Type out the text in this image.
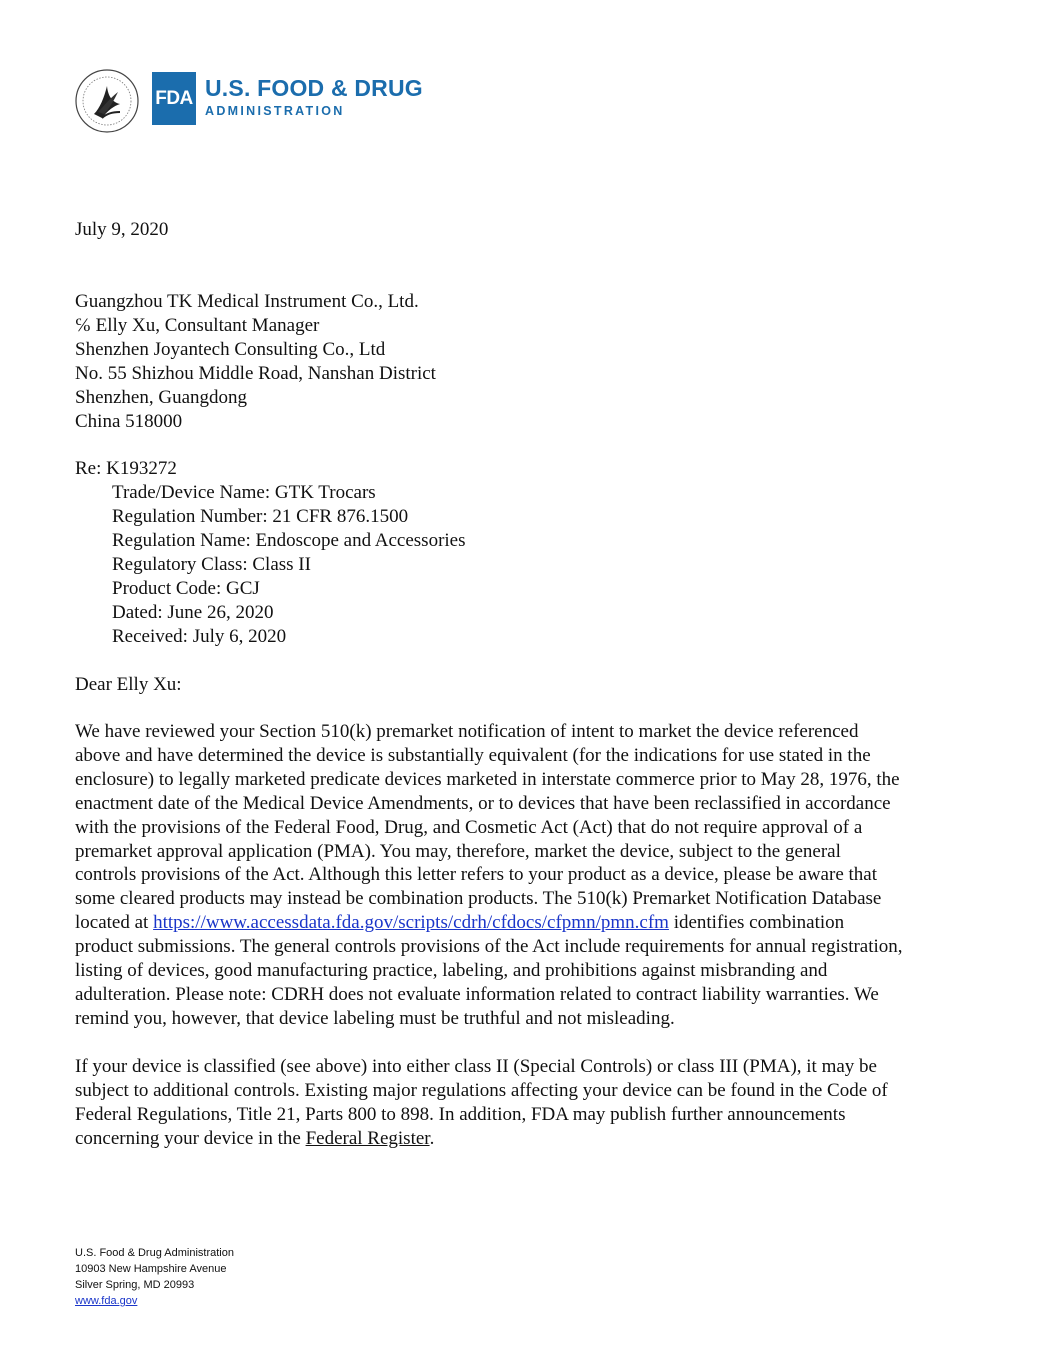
FDA U.S. FOOD & DRUG
ADMINISTRATION
July 9, 2020
Guangzhou TK Medical Instrument Co., Ltd.
℅ Elly Xu, Consultant Manager
Shenzhen Joyantech Consulting Co., Ltd
No. 55 Shizhou Middle Road, Nanshan District
Shenzhen, Guangdong
China 518000
Re: K193272
Trade/Device Name: GTK Trocars
Regulation Number: 21 CFR 876.1500
Regulation Name: Endoscope and Accessories
Regulatory Class: Class II
Product Code: GCJ
Dated: June 26, 2020
Received: July 6, 2020
Dear Elly Xu:
We have reviewed your Section 510(k) premarket notification of intent to market the device referenced
above and have determined the device is substantially equivalent (for the indications for use stated in the
enclosure) to legally marketed predicate devices marketed in interstate commerce prior to May 28, 1976, the
enactment date of the Medical Device Amendments, or to devices that have been reclassified in accordance
with the provisions of the Federal Food, Drug, and Cosmetic Act (Act) that do not require approval of a
premarket approval application (PMA). You may, therefore, market the device, subject to the general
controls provisions of the Act. Although this letter refers to your product as a device, please be aware that
some cleared products may instead be combination products. The 510(k) Premarket Notification Database
located at https://www.accessdata.fda.gov/scripts/cdrh/cfdocs/cfpmn/pmn.cfm identifies combination
product submissions. The general controls provisions of the Act include requirements for annual registration,
listing of devices, good manufacturing practice, labeling, and prohibitions against misbranding and
adulteration. Please note: CDRH does not evaluate information related to contract liability warranties. We
remind you, however, that device labeling must be truthful and not misleading.
If your device is classified (see above) into either class II (Special Controls) or class III (PMA), it may be
subject to additional controls. Existing major regulations affecting your device can be found in the Code of
Federal Regulations, Title 21, Parts 800 to 898. In addition, FDA may publish further announcements
concerning your device in the Federal Register.
U.S. Food & Drug Administration
10903 New Hampshire Avenue
Silver Spring, MD 20993
www.fda.gov
